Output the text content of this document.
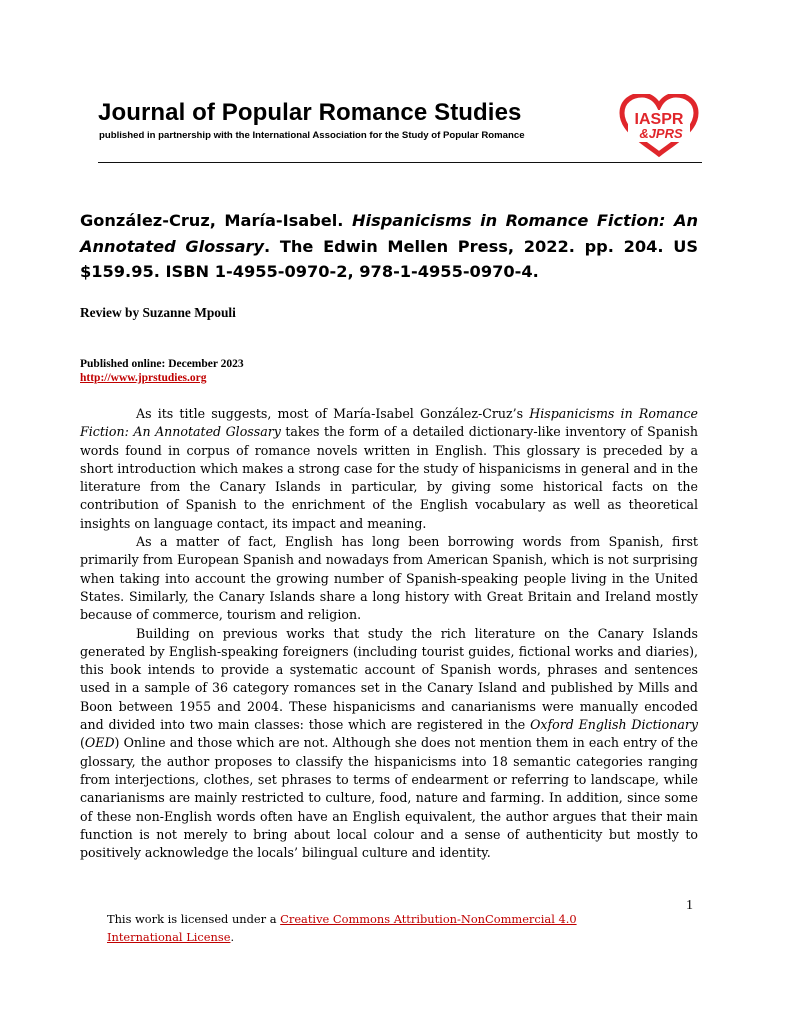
Journal of Popular Romance Studies
published in partnership with the International Association for the Study of Popular Romance
IASPR
&JPRS
González-Cruz, María-Isabel. Hispanicisms in Romance Fiction: An Annotated Glossary. The Edwin Mellen Press, 2022. pp. 204. US $159.95. ISBN 1-4955-0970-2, 978-1-4955-0970-4.
Review by Suzanne Mpouli
Published online: December 2023
http://www.jprstudies.org

As its title suggests, most of María-Isabel González-Cruz’s Hispanicisms in Romance Fiction: An Annotated Glossary takes the form of a detailed dictionary-like inventory of Spanish words found in corpus of romance novels written in English. This glossary is preceded by a short introduction which makes a strong case for the study of hispanicisms in general and in the literature from the Canary Islands in particular, by giving some historical facts on the contribution of Spanish to the enrichment of the English vocabulary as well as theoretical insights on language contact, its impact and meaning.

As a matter of fact, English has long been borrowing words from Spanish, first primarily from European Spanish and nowadays from American Spanish, which is not surprising when taking into account the growing number of Spanish-speaking people living in the United States. Similarly, the Canary Islands share a long history with Great Britain and Ireland mostly because of commerce, tourism and religion.

Building on previous works that study the rich literature on the Canary Islands generated by English-speaking foreigners (including tourist guides, fictional works and diaries), this book intends to provide a systematic account of Spanish words, phrases and sentences used in a sample of 36 category romances set in the Canary Island and published by Mills and Boon between 1955 and 2004. These hispanicisms and canarianisms were manually encoded and divided into two main classes: those which are registered in the Oxford English Dictionary (OED) Online and those which are not. Although she does not mention them in each entry of the glossary, the author proposes to classify the hispanicisms into 18 semantic categories ranging from interjections, clothes, set phrases to terms of endearment or referring to landscape, while canarianisms are mainly restricted to culture, food, nature and farming. In addition, since some of these non-English words often have an English equivalent, the author argues that their main function is not merely to bring about local colour and a sense of authenticity but mostly to positively acknowledge the locals’ bilingual culture and identity.

1
This work is licensed under a Creative Commons Attribution-NonCommercial 4.0 International License.
